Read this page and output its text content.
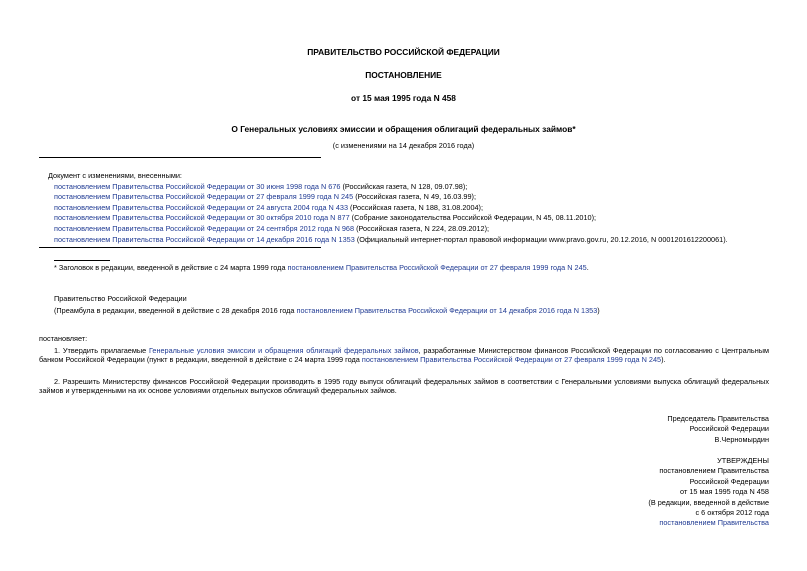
ПРАВИТЕЛЬСТВО РОССИЙСКОЙ ФЕДЕРАЦИИ
ПОСТАНОВЛЕНИЕ
от 15 мая 1995 года N 458
О Генеральных условиях эмиссии и обращения облигаций федеральных займов*
(с изменениями на 14 декабря 2016 года)
Документ с изменениями, внесенными:
постановлением Правительства Российской Федерации от 30 июня 1998 года N 676 (Российская газета, N 128, 09.07.98);
постановлением Правительства Российской Федерации от 27 февраля 1999 года N 245 (Российская газета, N 49, 16.03.99);
постановлением Правительства Российской Федерации от 24 августа 2004 года N 433 (Российская газета, N 188, 31.08.2004);
постановлением Правительства Российской Федерации от 30 октября 2010 года N 877 (Собрание законодательства Российской Федерации, N 45, 08.11.2010);
постановлением Правительства Российской Федерации от 24 сентября 2012 года N 968 (Российская газета, N 224, 28.09.2012);
постановлением Правительства Российской Федерации от 14 декабря 2016 года N 1353 (Официальный интернет-портал правовой информации www.pravo.gov.ru, 20.12.2016, N 0001201612200061).
* Заголовок в редакции, введенной в действие с 24 марта 1999 года постановлением Правительства Российской Федерации от 27 февраля 1999 года N 245.
Правительство Российской Федерации
(Преамбула в редакции, введенной в действие с 28 декабря 2016 года постановлением Правительства Российской Федерации от 14 декабря 2016 года N 1353)
постановляет:
1. Утвердить прилагаемые Генеральные условия эмиссии и обращения облигаций федеральных займов, разработанные Министерством финансов Российской Федерации по согласованию с Центральным банком Российской Федерации (пункт в редакции, введенной в действие с 24 марта 1999 года постановлением Правительства Российской Федерации от 27 февраля 1999 года N 245).
2. Разрешить Министерству финансов Российской Федерации производить в 1995 году выпуск облигаций федеральных займов в соответствии с Генеральными условиями выпуска облигаций федеральных займов и утвержденными на их основе условиями отдельных выпусков облигаций федеральных займов.
Председатель Правительства
Российской Федерации
В.Черномырдин
УТВЕРЖДЕНЫ
постановлением Правительства
Российской Федерации
от 15 мая 1995 года N 458
(В редакции, введенной в действие
с 6 октября 2012 года
постановлением Правительства
